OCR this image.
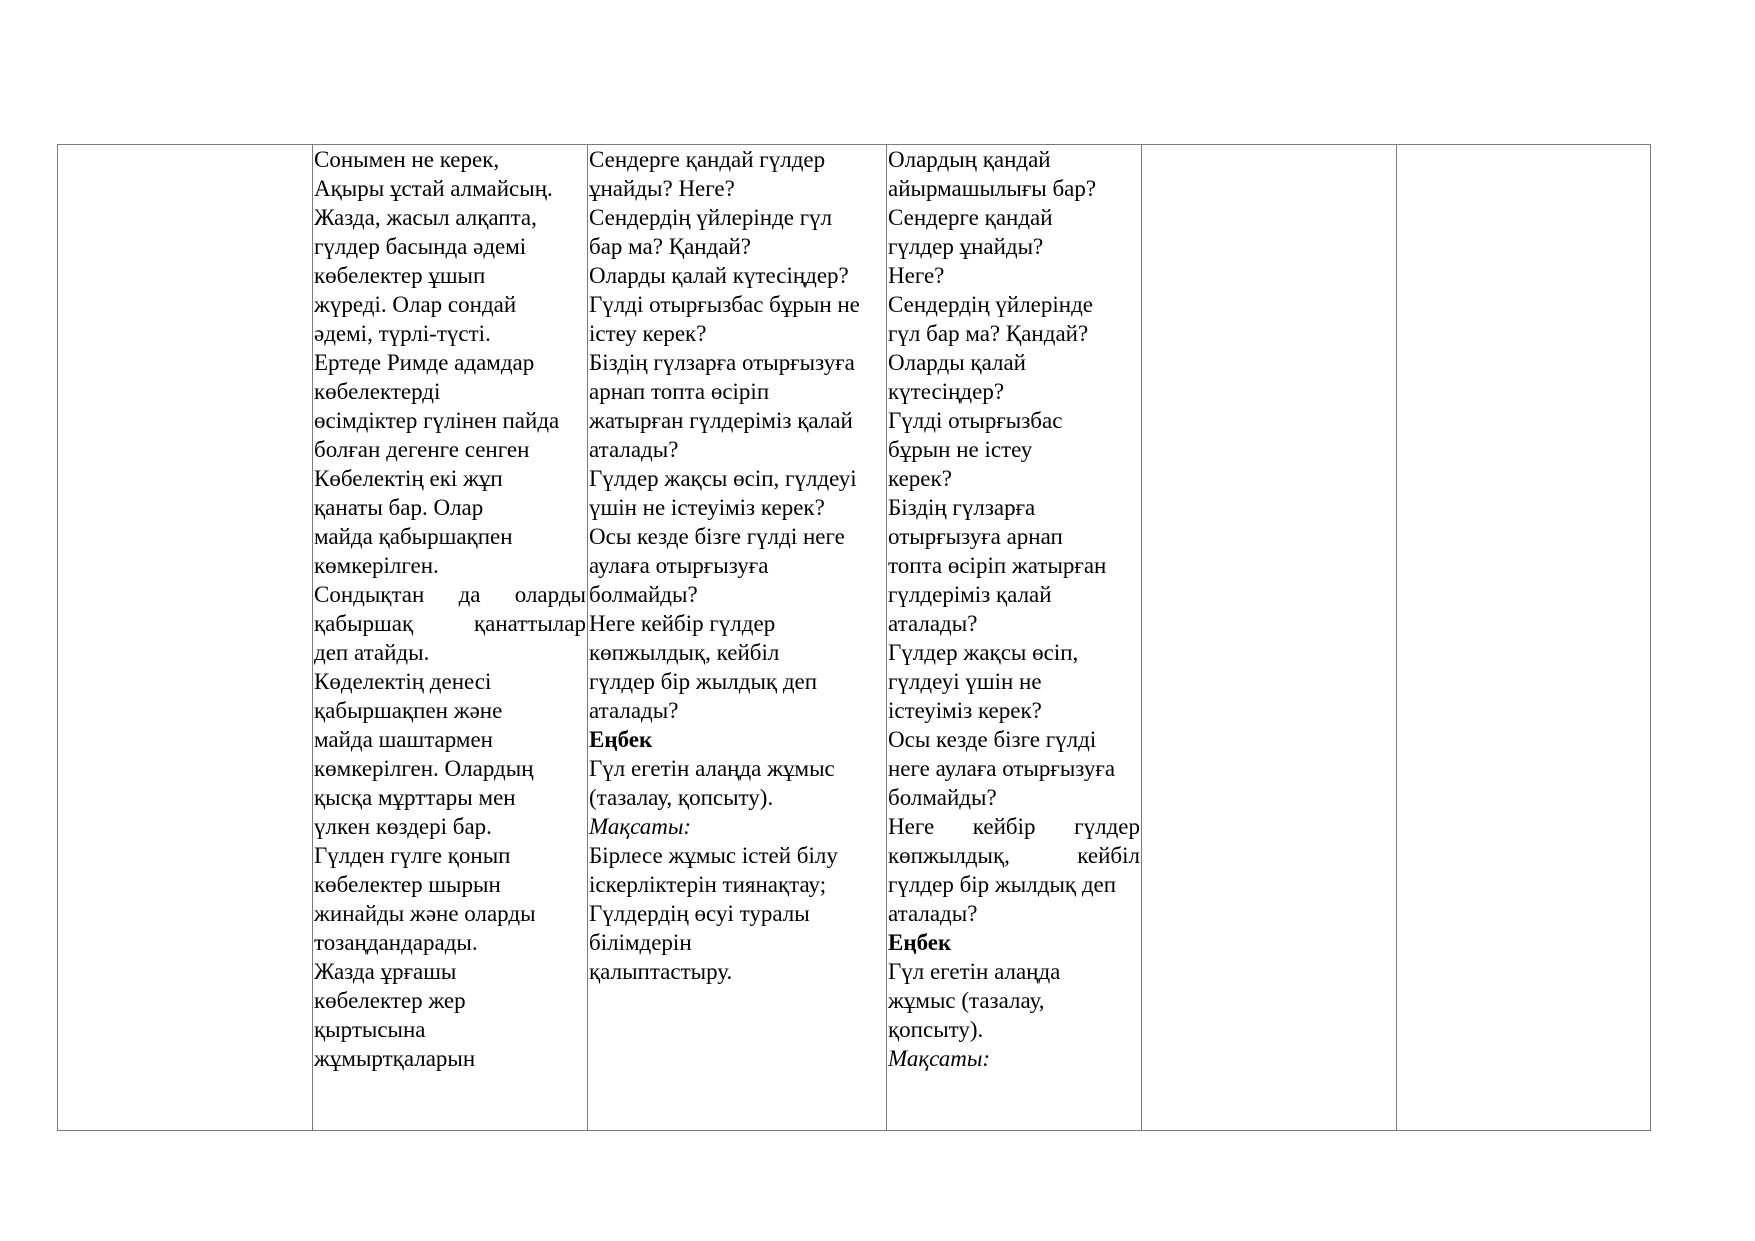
Сонымен не керек,
Ақыры ұстай алмайсың.
Жазда, жасыл алқапта,
гүлдер басында әдемі
көбелектер ұшып
жүреді. Олар сондай
әдемі, түрлі-түсті.
Ертеде Римде адамдар
көбелектерді
өсімдіктер гүлінен пайда
болған дегенге сенген
Көбелектің екі жұп
қанаты бар. Олар
майда қабыршақпен
көмкерілген.
Сондықтан да оларды
қабыршақ қанаттылар
деп атайды.
Көделектің денесі
қабыршақпен және
майда шаштармен
көмкерілген. Олардың
қысқа мұрттары мен
үлкен көздері бар.
Гүлден гүлге қонып
көбелектер шырын
жинайды және оларды
тозаңдандарады.
Жазда ұрғашы
көбелектер жер
қыртысына
жұмыртқаларын

Сендерге қандай гүлдер
ұнайды? Неге?
Сендердің үйлерінде гүл
бар ма? Қандай?
Оларды қалай күтесіңдер?
Гүлді отырғызбас бұрын не
істеу керек?
Біздің гүлзарға отырғызуға
арнап топта өсіріп
жатырған гүлдеріміз қалай
аталады?
Гүлдер жақсы өсіп, гүлдеуі
үшін не істеуіміз керек?
Осы кезде бізге гүлді неге
аулаға отырғызуға
болмайды?
Неге кейбір гүлдер
көпжылдық, кейбіл
гүлдер бір жылдық деп
аталады?
Еңбек
Гүл егетін алаңда жұмыс
(тазалау, қопсыту).
Мақсаты:
Бірлесе жұмыс істей білу
іскерліктерін тиянақтау;
Гүлдердің өсуі туралы
білімдерін
қалыптастыру.

Олардың қандай
айырмашылығы бар?
Сендерге қандай
гүлдер ұнайды?
Неге?
Сендердің үйлерінде
гүл бар ма? Қандай?
Оларды қалай
күтесіңдер?
Гүлді отырғызбас
бұрын не істеу
керек?
Біздің гүлзарға
отырғызуға арнап
топта өсіріп жатырған
гүлдеріміз қалай
аталады?
Гүлдер жақсы өсіп,
гүлдеуі үшін не
істеуіміз керек?
Осы кезде бізге гүлді
неге аулаға отырғызуға
болмайды?
Неге кейбір гүлдер
көпжылдық, кейбіл
гүлдер бір жылдық деп
аталады?
Еңбек
Гүл егетін алаңда
жұмыс (тазалау,
қопсыту).
Мақсаты:
